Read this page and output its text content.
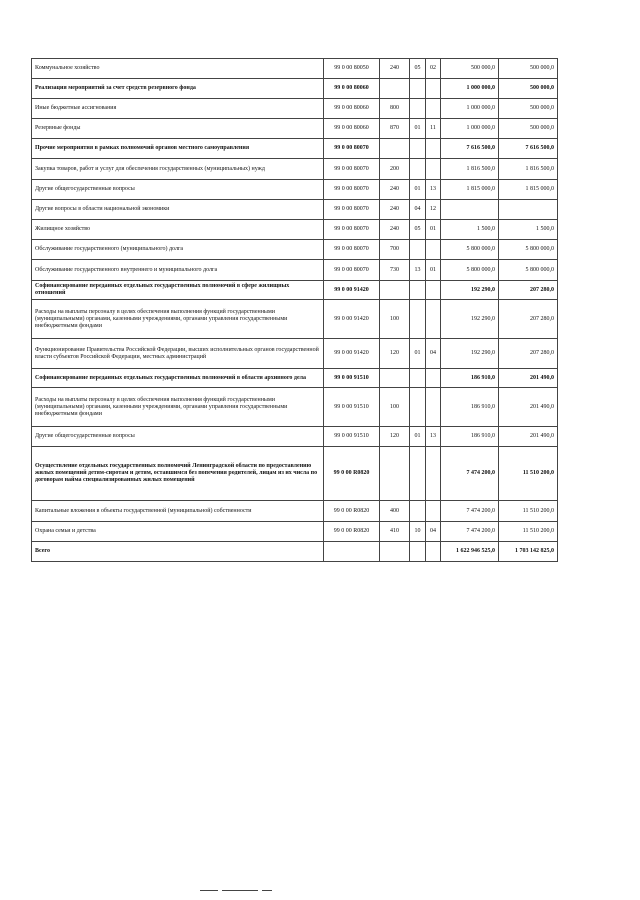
Коммунальное хозяйство	99 0 00 80050	240	05	02	500 000,0	500 000,0
Реализация мероприятий за счет средств резервного фонда	99 0 00 80060				1 000 000,0	500 000,0
Иные бюджетные ассигнования	99 0 00 80060	800			1 000 000,0	500 000,0
Резервные фонды	99 0 00 80060	870	01	11	1 000 000,0	500 000,0
Прочие мероприятия в рамках полномочий органов местного самоуправления	99 0 00 80070				7 616 500,0	7 616 500,0
Закупка товаров, работ и услуг для обеспечения государственных (муниципальных) нужд	99 0 00 80070	200			1 816 500,0	1 816 500,0
Другие общегосударственные вопросы	99 0 00 80070	240	01	13	1 815 000,0	1 815 000,0
Другие вопросы в области национальной экономики	99 0 00 80070	240	04	12		
Жилищное хозяйство	99 0 00 80070	240	05	01	1 500,0	1 500,0
Обслуживание государственного (муниципального) долга	99 0 00 80070	700			5 800 000,0	5 800 000,0
Обслуживание государственного внутреннего и муниципального долга	99 0 00 80070	730	13	01	5 800 000,0	5 800 000,0
Софинансирование переданных отдельных государственных полномочий в сфере жилищных отношений	99 0 00 91420				192 290,0	207 280,0
Расходы на выплаты персоналу в целях обеспечения выполнения функций государственными (муниципальными) органами, казенными учреждениями, органами управления государственными внебюджетными фондами	99 0 00 91420	100			192 290,0	207 280,0
Функционирование Правительства Российской Федерации, высших исполнительных органов государственной власти субъектов Российской Федерации, местных администраций	99 0 00 91420	120	01	04	192 290,0	207 280,0
Софинансирование переданных отдельных государственных полномочий в области архивного дела	99 0 00 91510				186 910,0	201 490,0
Расходы на выплаты персоналу в целях обеспечения выполнения функций государственными (муниципальными) органами, казенными учреждениями, органами управления государственными внебюджетными фондами	99 0 00 91510	100			186 910,0	201 490,0
Другие общегосударственные вопросы	99 0 00 91510	120	01	13	186 910,0	201 490,0
Осуществление отдельных государственных полномочий Ленинградской области по предоставлению жилых помещений детям-сиротам и детям, оставшимся без попечения родителей, лицам из их числа по договорам найма специализированных жилых помещений	99 0 00 R0820				7 474 200,0	11 510 200,0
Капитальные вложения в объекты государственной (муниципальной) собственности	99 0 00 R0820	400			7 474 200,0	11 510 200,0
Охрана семьи и детства	99 0 00 R0820	410	10	04	7 474 200,0	11 510 200,0
Всего					1 622 946 525,0	1 703 142 825,0
